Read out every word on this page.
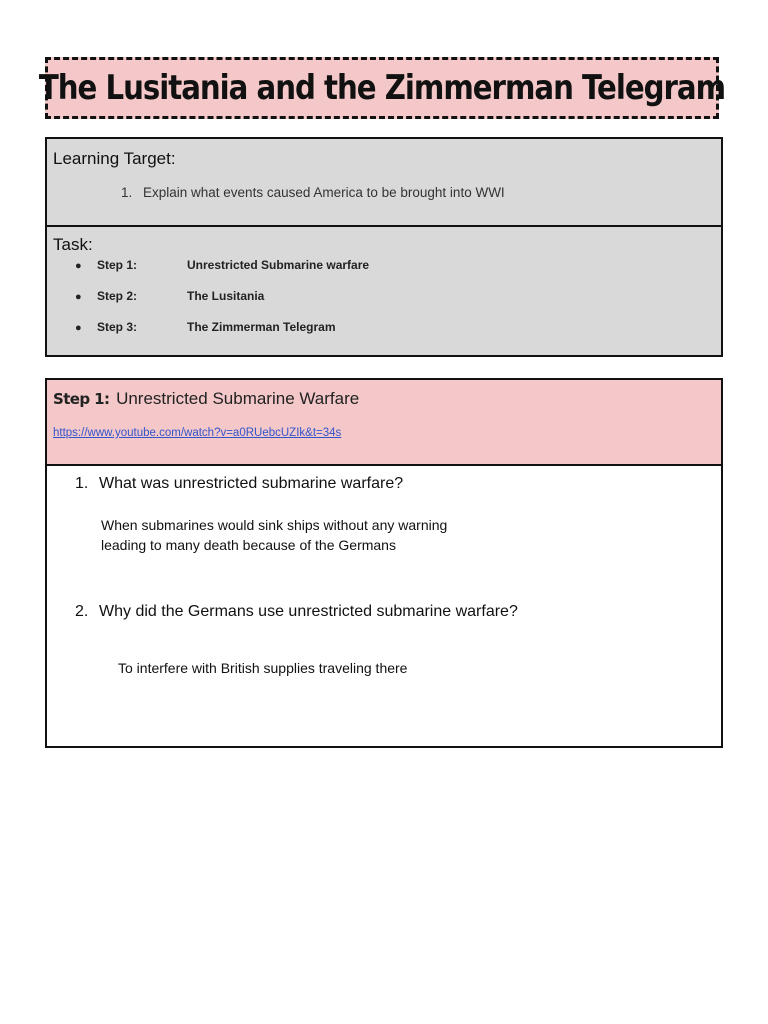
The Lusitania and the Zimmerman Telegram
Learning Target:
1. Explain what events caused America to be brought into WWI
Task:
● Step 1:	Unrestricted Submarine warfare
● Step 2:	The Lusitania
● Step 3:	The Zimmerman Telegram
Step 1: Unrestricted Submarine Warfare
https://www.youtube.com/watch?v=a0RUebcUZIk&t=34s
1. What was unrestricted submarine warfare?
When submarines would sink ships without any warning
leading to many death because of the Germans
2. Why did the Germans use unrestricted submarine warfare?
To interfere with British supplies traveling there
